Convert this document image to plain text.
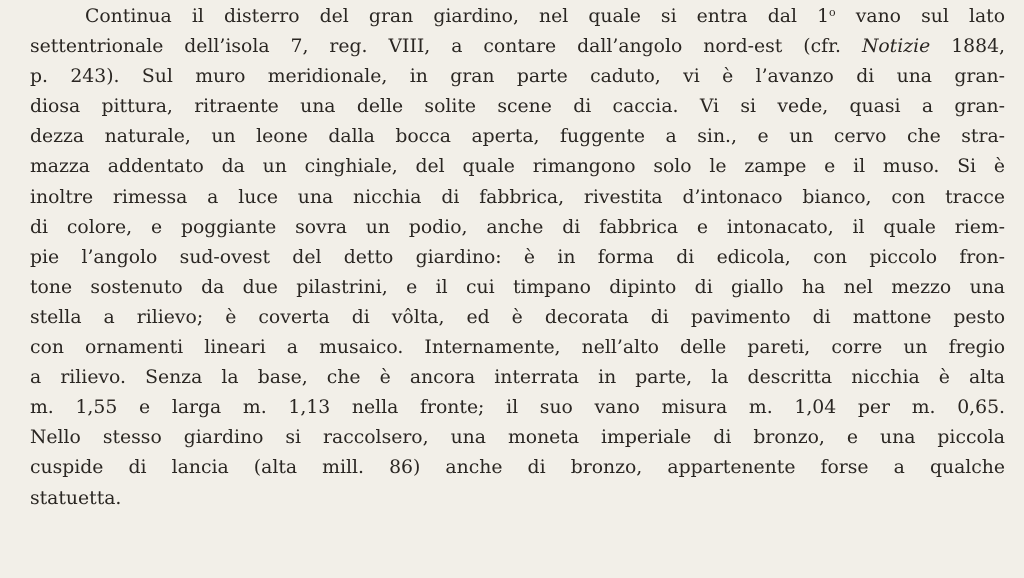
Continua il disterro del gran giardino, nel quale si entra dal 1$^o$ vano sul lato
settentrionale dell’isola 7, reg. VIII, a contare dall’angolo nord-est (cfr. Notizie 1884,
p. 243). Sul muro meridionale, in gran parte caduto, vi è l’avanzo di una gran-
diosa pittura, ritraente una delle solite scene di caccia. Vi si vede, quasi a gran-
dezza naturale, un leone dalla bocca aperta, fuggente a sin., e un cervo che stra-
mazza addentato da un cinghiale, del quale rimangono solo le zampe e il muso. Si è
inoltre rimessa a luce una nicchia di fabbrica, rivestita d’intonaco bianco, con tracce
di colore, e poggiante sovra un podio, anche di fabbrica e intonacato, il quale riem-
pie l’angolo sud-ovest del detto giardino: è in forma di edicola, con piccolo fron-
tone sostenuto da due pilastrini, e il cui timpano dipinto di giallo ha nel mezzo una
stella a rilievo; è coverta di vôlta, ed è decorata di pavimento di mattone pesto
con ornamenti lineari a musaico. Internamente, nell’alto delle pareti, corre un fregio
a rilievo. Senza la base, che è ancora interrata in parte, la descritta nicchia è alta
m. 1,55 e larga m. 1,13 nella fronte; il suo vano misura m. 1,04 per m. 0,65.
Nello stesso giardino si raccolsero, una moneta imperiale di bronzo, e una piccola
cuspide di lancia (alta mill. 86) anche di bronzo, appartenente forse a qualche
statuetta.
